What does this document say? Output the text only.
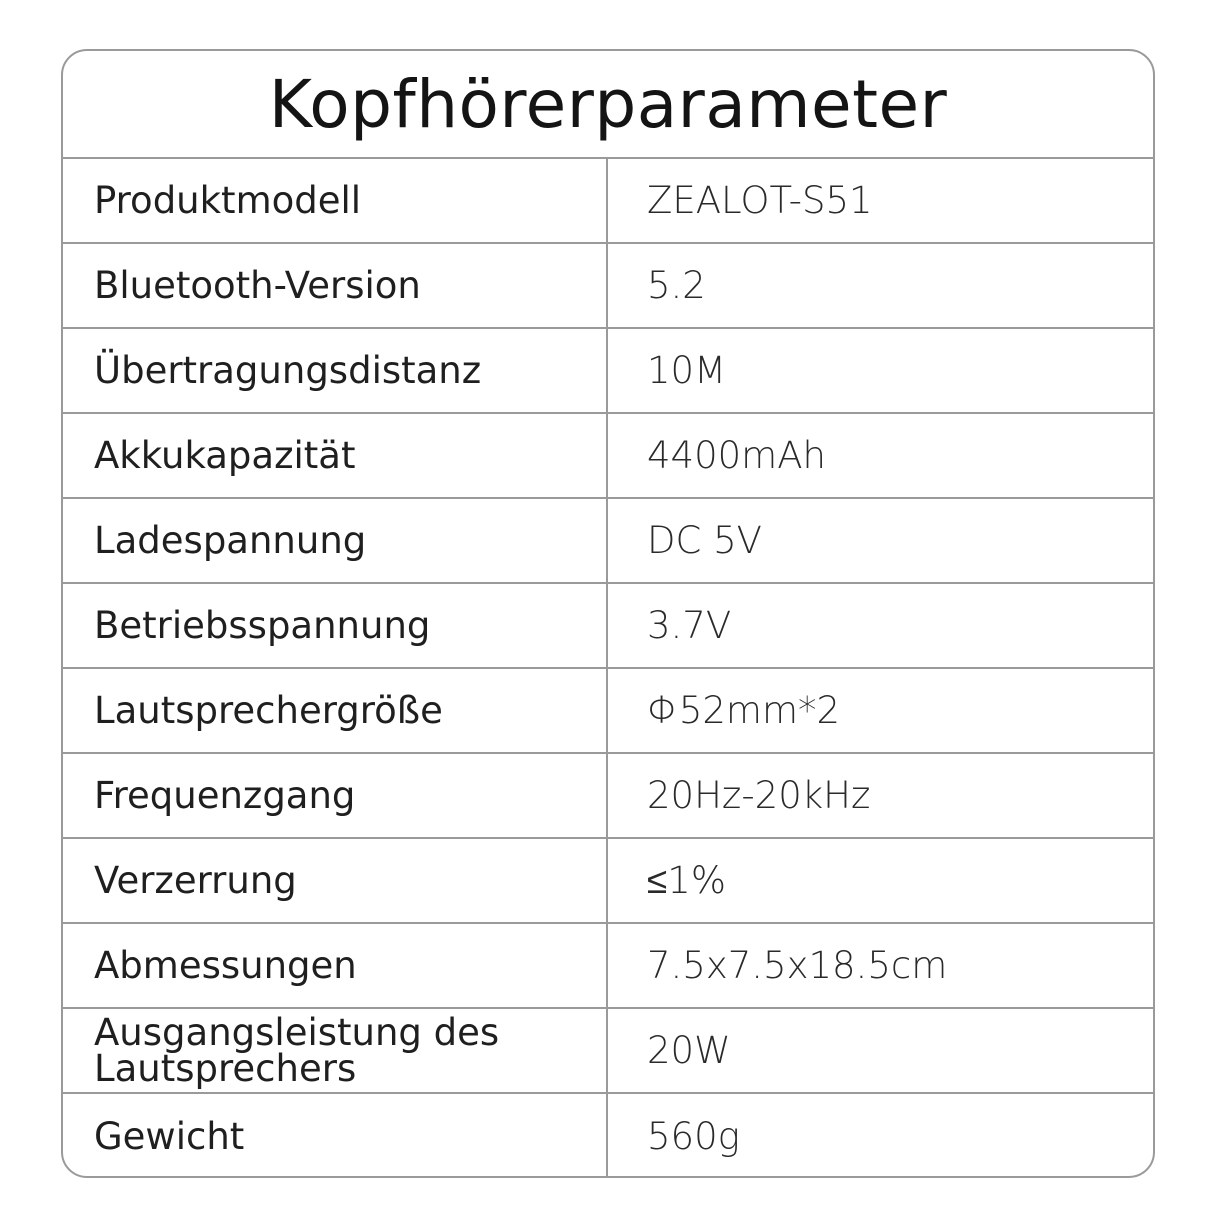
Kopfhörerparameter
Produktmodell	ZEALOT-S51
Bluetooth-Version	5.2
Übertragungsdistanz	10M
Akkukapazität	4400mAh
Ladespannung	DC 5V
Betriebsspannung	3.7V
Lautsprechergröße	Φ52mm*2
Frequenzgang	20Hz-20kHz
Verzerrung	≤1%
Abmessungen	7.5x7.5x18.5cm
Ausgangsleistung des Lautsprechers	20W
Gewicht	560g
